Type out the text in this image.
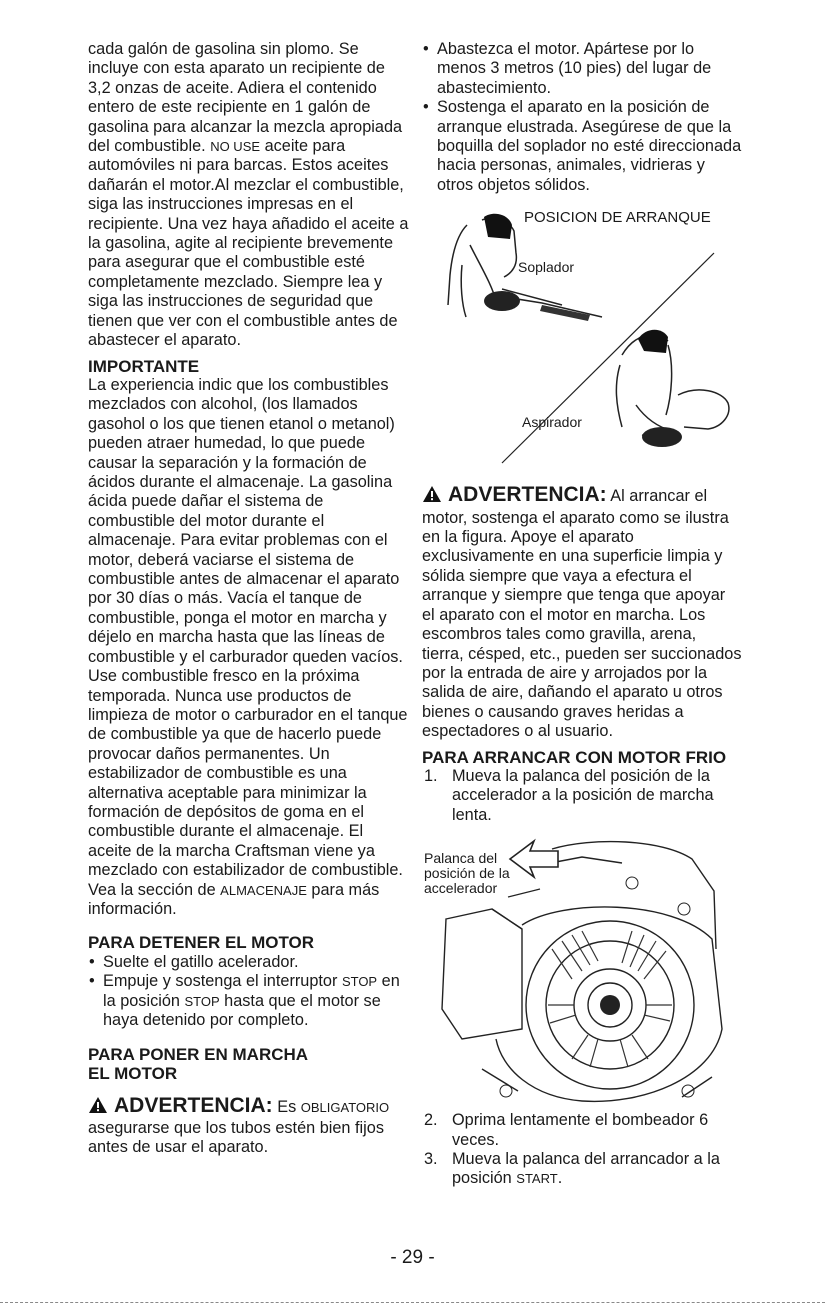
cada galón de gasolina sin plomo. Se incluye con esta aparato un recipiente de 3,2 onzas de aceite. Adiera el contenido entero de este recipiente en 1 galón de gasolina para alcanzar la mezcla apropiada del combustible. NO USE aceite para automóviles ni para barcas. Estos aceites dañarán el motor.Al mezclar el combustible, siga las instrucciones impresas en el recipiente. Una vez haya añadido el aceite a la gasolina, agite al recipiente brevemente para asegurar que el combustible esté completamente mezclado. Siempre lea y siga las instrucciones de seguridad que tienen que ver con el combustible antes de abastecer el aparato.

IMPORTANTE

La experiencia indic que los combustibles mezclados con alcohol, (los llamados gasohol o los que tienen etanol o metanol) pueden atraer humedad, lo que puede causar la separación y la formación de ácidos durante el almacenaje. La gasolina ácida puede dañar el sistema de combustible del motor durante el almacenaje. Para evitar problemas con el motor, deberá vaciarse el sistema de combustible antes de almacenar el aparato por 30 días o más. Vacía el tanque de combustible, ponga el motor en marcha y déjelo en marcha hasta que las líneas de combustible y el carburador queden vacíos. Use combustible fresco en la próxima temporada. Nunca use productos de limpieza de motor o carburador en el tanque de combustible ya que de hacerlo puede provocar daños permanentes. Un estabilizador de combustible es una alternativa aceptable para minimizar la formación de depósitos de goma en el combustible durante el almacenaje. El aceite de la marcha Craftsman viene ya mezclado con estabilizador de combustible. Vea la sección de ALMACENAJE para más información.

PARA DETENER EL MOTOR
• Suelte el gatillo acelerador.
• Empuje y sostenga el interruptor STOP en la posición STOP hasta que el motor se haya detenido por completo.
PARA PONER EN MARCHA
EL MOTOR

ADVERTENCIA: Es OBLIGATORIO asegurarse que los tubos estén bien fijos antes de usar el aparato.

• Abastezca el motor. Apártese por lo menos 3 metros (10 pies) del lugar de abastecimiento.
• Sostenga el aparato en la posición de arranque elustrada. Asegúrese de que la boquilla del soplador no esté direccionada hacia personas, animales, vidrieras y otros objetos sólidos.
POSICION DE ARRANQUE
Soplador
Aspirador

ADVERTENCIA: Al arrancar el motor, sostenga el aparato como se ilustra en la figura. Apoye el aparato exclusivamente en una superficie limpia y sólida siempre que vaya a efectura el arranque y siempre que tenga que apoyar el aparato con el motor en marcha. Los escombros tales como gravilla, arena, tierra, césped, etc., pueden ser succionados por la entrada de aire y arrojados por la salida de aire, dañando el aparato u otros bienes o causando graves heridas a espectadores o al usuario.

PARA ARRANCAR CON MOTOR FRIO
1. Mueva la palanca del posición de la accelerador a la posición de marcha lenta.
Palanca del posición de la accelerador
2. Oprima lentamente el bombeador 6 veces.
3. Mueva la palanca del arrancador a la posición START.
- 29 -
